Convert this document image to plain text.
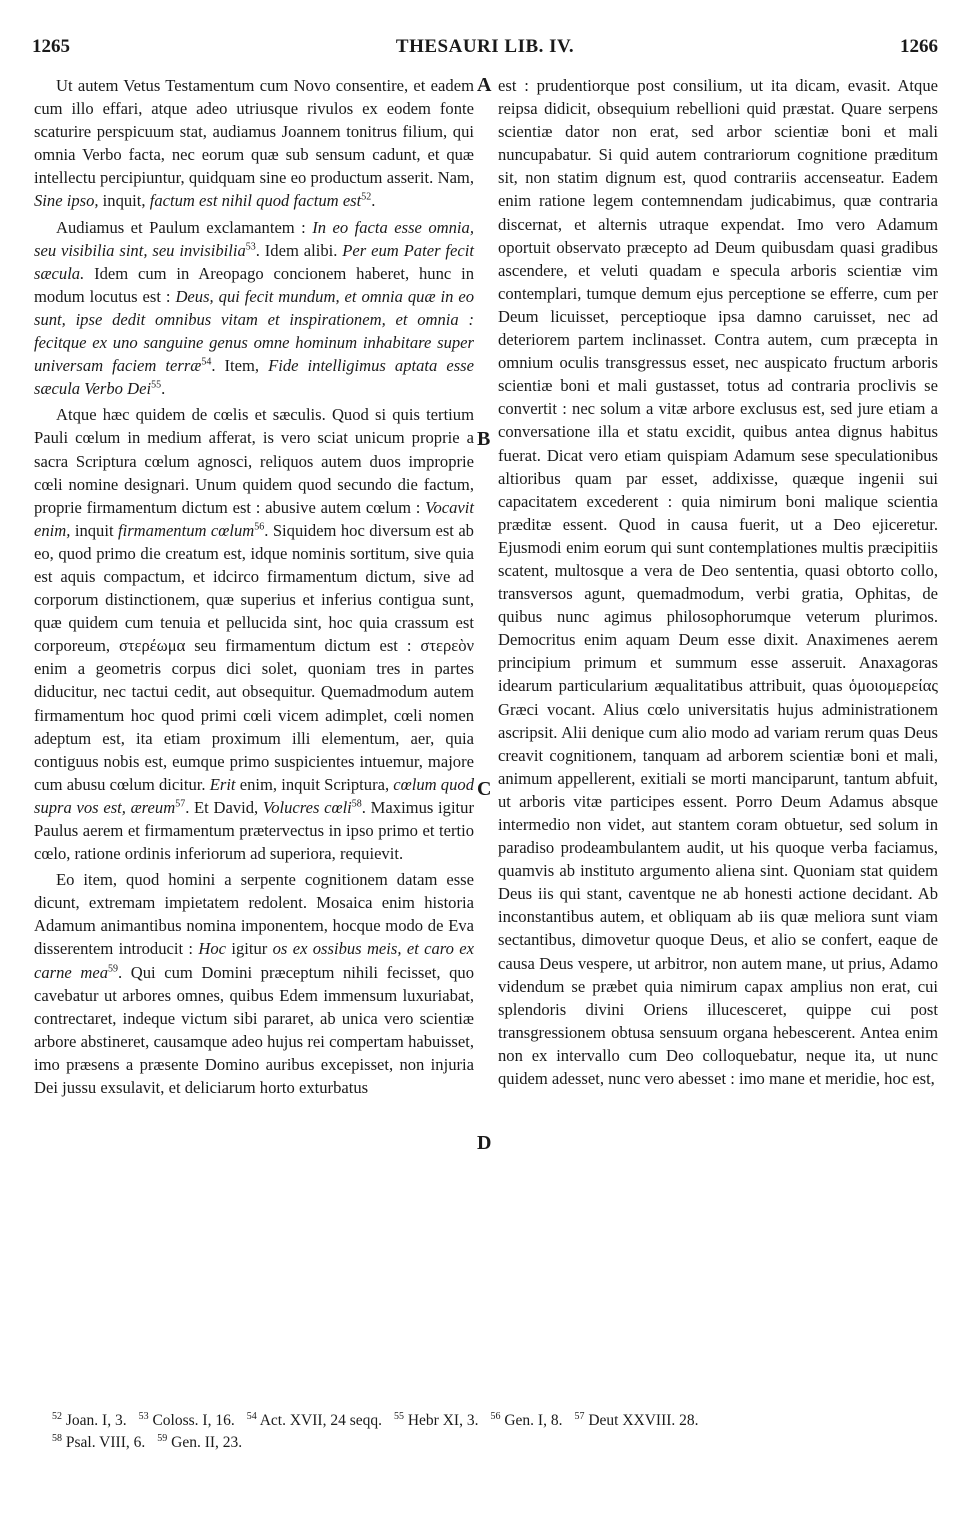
1265	THESAURI LIB. IV.	1266

Ut autem Vetus Testamentum cum Novo consentire, et eadem cum illo effari, atque adeo utriusque rivulos ex eodem fonte scaturire perspicuum stat, audiamus Joannem tonitrus filium, qui omnia Verbo facta, nec eorum quæ sub sensum cadunt, et quæ intellectu percipiuntur, quidquam sine eo productum asserit. Nam, Sine ipso, inquit, factum est nihil quod factum est$^{52}$.

Audiamus et Paulum exclamantem : In eo facta esse omnia, seu visibilia sint, seu invisibilia$^{53}$. Idem alibi. Per eum Pater fecit sæcula. Idem cum in Areopago concionem haberet, hunc in modum locutus est : Deus, qui fecit mundum, et omnia quæ in eo sunt, ipse dedit omnibus vitam et inspirationem, et omnia : fecitque ex uno sanguine genus omne hominum inhabitare super universam faciem terræ$^{54}$. Item, Fide intelligimus aptata esse sæcula Verbo Dei$^{55}$.

Atque hæc quidem de cœlis et sæculis. Quod si quis tertium Pauli cœlum in medium afferat, is vero sciat unicum proprie a sacra Scriptura cœlum agnosci, reliquos autem duos improprie cœli nomine designari. Unum quidem quod secundo die factum, proprie firmamentum dictum est : abusive autem cœlum : Vocavit enim, inquit firmamentum cœlum$^{56}$. Siquidem hoc diversum est ab eo, quod primo die creatum est, idque nominis sortitum, sive quia est aquis compactum, et idcirco firmamentum dictum, sive ad corporum distinctionem, quæ superius et inferius contigua sunt, quæ quidem cum tenuia et pellucida sint, hoc quia crassum est corporeum, στερέωμα seu firmamentum dictum est : στερεὸν enim a geometris corpus dici solet, quoniam tres in partes diducitur, nec tactui cedit, aut obsequitur. Quemadmodum autem firmamentum hoc quod primi cœli vicem adimplet, cœli nomen adeptum est, ita etiam proximum illi elementum, aer, quia contiguus nobis est, eumque primo suspicientes intuemur, majore cum abusu cœlum dicitur. Erit enim, inquit Scriptura, cœlum quod supra vos est, æreum$^{57}$. Et David, Volucres cœli$^{58}$. Maximus igitur Paulus aerem et firmamentum prætervectus in ipso primo et tertio cœlo, ratione ordinis inferiorum ad superiora, requievit.

Eo item, quod homini a serpente cognitionem datam esse dicunt, extremam impietatem redolent. Mosaica enim historia Adamum animantibus nomina imponentem, hocque modo de Eva disserentem introducit : Hoc igitur os ex ossibus meis, et caro ex carne mea$^{59}$. Qui cum Domini præceptum nihili fecisset, quo cavebatur ut arbores omnes, quibus Edem immensum luxuriabat, contrectaret, indeque victum sibi pararet, ab unica vero scientiæ arbore abstineret, causamque adeo hujus rei compertam habuisset, imo præsens a præsente Domino auribus excepisset, non injuria Dei jussu exsulavit, et deliciarum horto exturbatus

est : prudentiorque post consilium, ut ita dicam, evasit. Atque reipsa didicit, obsequium rebellioni quid præstat. Quare serpens scientiæ dator non erat, sed arbor scientiæ boni et mali nuncupabatur. Si quid autem contrariorum cognitione præditum sit, non statim dignum est, quod contrariis accenseatur. Eadem enim ratione legem contemnendam judicabimus, quæ contraria discernat, et alternis utraque expendat. Imo vero Adamum oportuit observato præcepto ad Deum quibusdam quasi gradibus ascendere, et veluti quadam e specula arboris scientiæ vim contemplari, tumque demum ejus perceptione se efferre, cum per Deum licuisset, perceptioque ipsa damno caruisset, nec ad deteriorem partem inclinasset. Contra autem, cum præcepta in omnium oculis transgressus esset, nec auspicato fructum arboris scientiæ boni et mali gustasset, totus ad contraria proclivis se convertit : nec solum a vitæ arbore exclusus est, sed jure etiam a conversatione illa et statu excidit, quibus antea dignus habitus fuerat. Dicat vero etiam quispiam Adamum sese speculationibus altioribus quam par esset, addixisse, quæque ingenii sui capacitatem excederent : quia nimirum boni malique scientia præditæ essent. Quod in causa fuerit, ut a Deo ejiceretur. Ejusmodi enim eorum qui sunt contemplationes multis præcipitiis scatent, multosque a vera de Deo sententia, quasi obtorto collo, transversos agunt, quemadmodum, verbi gratia, Ophitas, de quibus nunc agimus philosophorumque veterum plurimos. Democritus enim aquam Deum esse dixit. Anaximenes aerem principium primum et summum esse asseruit. Anaxagoras idearum particularium æqualitatibus attribuit, quas ὁμοιομερείας Græci vocant. Alius cœlo universitatis hujus administrationem ascripsit. Alii denique cum alio modo ad variam rerum quas Deus creavit cognitionem, tanquam ad arborem scientiæ boni et mali, animum appellerent, exitiali se morti manciparunt, tantum abfuit, ut arboris vitæ participes essent. Porro Deum Adamus absque intermedio non videt, aut stantem coram obtuetur, sed solum in paradiso prodeambulantem audit, ut his quoque verba faciamus, quamvis ab instituto argumento aliena sint. Quoniam stat quidem Deus iis qui stant, caventque ne ab honesti actione decidant. Ab inconstantibus autem, et obliquam ab iis quæ meliora sunt viam sectantibus, dimovetur quoque Deus, et alio se confert, eaque de causa Deus vespere, ut arbitror, non autem mane, ut prius, Adamo videndum se præbet quia nimirum capax amplius non erat, cui splendoris divini Oriens illucesceret, quippe cui post transgressionem obtusa sensuum organa hebescerent. Antea enim non ex intervallo cum Deo colloquebatur, neque ita, ut nunc quidem adesset, nunc vero abesset : imo mane et meridie, hoc est,

A
B
C
D
$^{52}$ Joan. I, 3. $^{53}$ Coloss. I, 16. $^{54}$ Act. XVII, 24 seqq. $^{55}$ Hebr XI, 3. $^{56}$ Gen. I, 8. $^{57}$ Deut XXVIII. 28.
$^{58}$ Psal. VIII, 6. $^{59}$ Gen. II, 23.
